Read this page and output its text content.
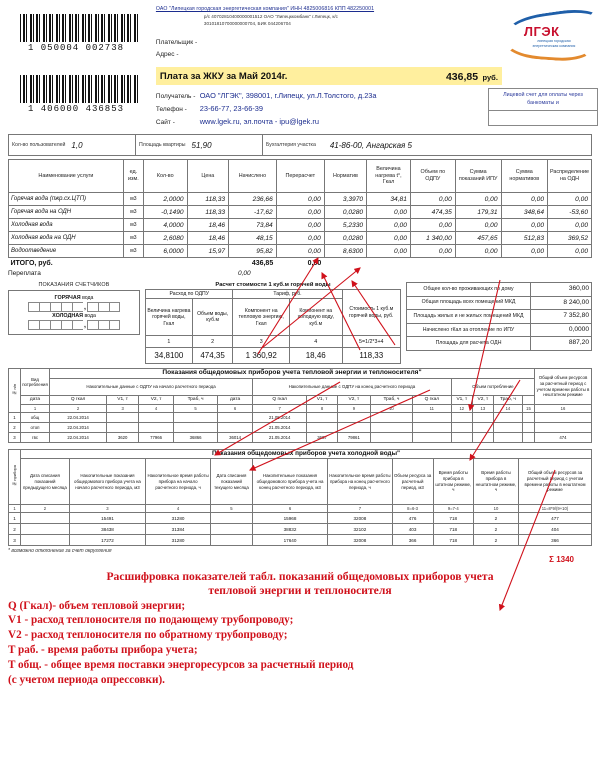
1 050004 002738
1 406000 436853
ОАО "Липецкая городская энергетическая компания" ИНН 4825006816 КПП 482250001
р/с 40702810400000001512 ОАО "Липецккомбанк" г.Липецк, к/с
30101810700000000704, БИК 044206704
Плательщик -
Адрес -
Плата за ЖКУ за Май 2014г.	436,85 руб.
Получатель - ОАО "ЛГЭК", 398001, г.Липецк, ул.Л.Толстого, д.23а
Телефон - 23-66-77, 23-66-39
Сайт -	www.lgek.ru, эл.почта - ipu@lgek.ru
ЛГЭК
липецкая городская энергетическая компания
Лицевой счет для оплаты через банкоматы и
Кол-во пользователей 1,0	Площадь квартиры 51,90	Бухгалтерия участка	41-86-00, Ангарская 5
Наименование услуги	ед. изм.	Кол-во	Цена	Начислено	Перерасчет	Норматив	Величина нагрева t°, Гкал	Объем по ОДПУ	Сумма показаний ИПУ	Сумма нормативов	Распределение на ОДН
Горячая вода (пжр.сх.ЦТП)	м3	2,0000	118,33	236,66	0,00	3,3970	34,81	0,00	0,00	0,00	0,00
Горячая вода на ОДН	м3	-0,1490	118,33	-17,62	0,00	0,0280	0,00	474,35	179,31	348,64	-53,60
Холодная вода	м3	4,0000	18,46	73,84	0,00	5,2330	0,00	0,00	0,00	0,00	0,00
Холодная вода на ОДН	м3	2,6080	18,46	48,15	0,00	0,0280	0,00	1 340,00	457,65	512,83	369,52
Водоотведение	м3	6,0000	15,97	95,82	0,00	8,6300	0,00	0,00	0,00	0,00	0,00
ИТОГО, руб.				436,85	0,00						
Переплата	0,00
ПОКАЗАНИЯ СЧЕТЧИКОВ
ГОРЯЧАЯ вода
,
ХОЛОДНАЯ вода
,
Расчет стоимости 1 куб.м горячей воды
Расход по ОДПУ		Тариф, руб.		Стоимость 1 куб.м горячей воды, руб.
Величина нагрева горячей воды, Гкал	Объем воды, куб.м	Компонент на тепловую энергию, Гкал	Компонент на холодную воду, куб.м	
1	2	3	4	5=1/2*3+4
34,8100	474,35	1 360,92	18,46	118,33
Общее кол-во проживающих по дому	360,00
Общая площадь всех помещений МКД	8 240,00
Площадь жилых и не жилых помещений МКД	7 352,80
Начислено гКал за отопление по ИПУ	0,0000
Площадь для расчета ОДН	887,20
№ п/п	Вид потребления	Показания общедомовых приборов учета тепловой энергии и теплоносителя"														Общий объем ресурсов за расчетный период с учетом времени работы в нештатном режиме
		Накопительные данные с ОДПУ на начало расчетного периода					Накопительные данные с ОДПУ на конец расчетного периода					Объем потребление				
	дата	Q гкал	V1, т	V2, т	Траб, ч	дата	Q гкал	V1, т	V2, т	Траб, ч	Q гкал	V1, т	V2, т	Траб, ч		
	1	2	3	4	5	6	7	8	9	10	11	12	13	14	15	16
1	общ	22.04.2014					21.05.2014									
2	отоп	22.04.2014					21.05.2014									
3	гвс	22.04.2014	3620	77966	36866	36014	21.05.2014	3657	79861							474
№ прибора	Показания общедомовых приборов учета холодной воды"									
	Дата списания показаний предыдущего месяца	Накопительные показания общедомового прибора учета на начало расчетного периода, м3	Накопительное время работы прибора на начало расчетного периода, ч	Дата списания показаний текущего месяца	Накопительные показания общедомового прибора учета на конец расчетного периода, м3	Накопительное время работы прибора на конец расчетного периода, ч	Объем ресурса за расчетный период, м3	Время работы прибора в штатном режиме, ч	Время работы прибора в нештатном режиме, ч	Общий объем ресурсов за расчетный период с учетом времени работы в нештатном режиме
1	2	3	4	5	6	7	8=6-3	9=7-4	10	11=8*9/(9+10)
1		15491	31280		15968	32008	476	718	2	477
2		38438	31384		38832	32102	403	718	2	404
3		17272	31280		17640	32008	366	718	2	366
* возможно отклонение за счет округления
Σ 1340
Расшифровка показателей табл. показаний общедомовых приборов учета
тепловой энергии и теплоносителя
Q (Гкал)- объем тепловой энергии;
V1 - расход теплоносителя по подающему трубопроводу;
V2 - расход теплоносителя по обратному трубопроводу;
T раб. - время работы прибора учета;
T общ. - общее время поставки энергоресурсов за расчетный период
(с учетом периода опрессовки).
